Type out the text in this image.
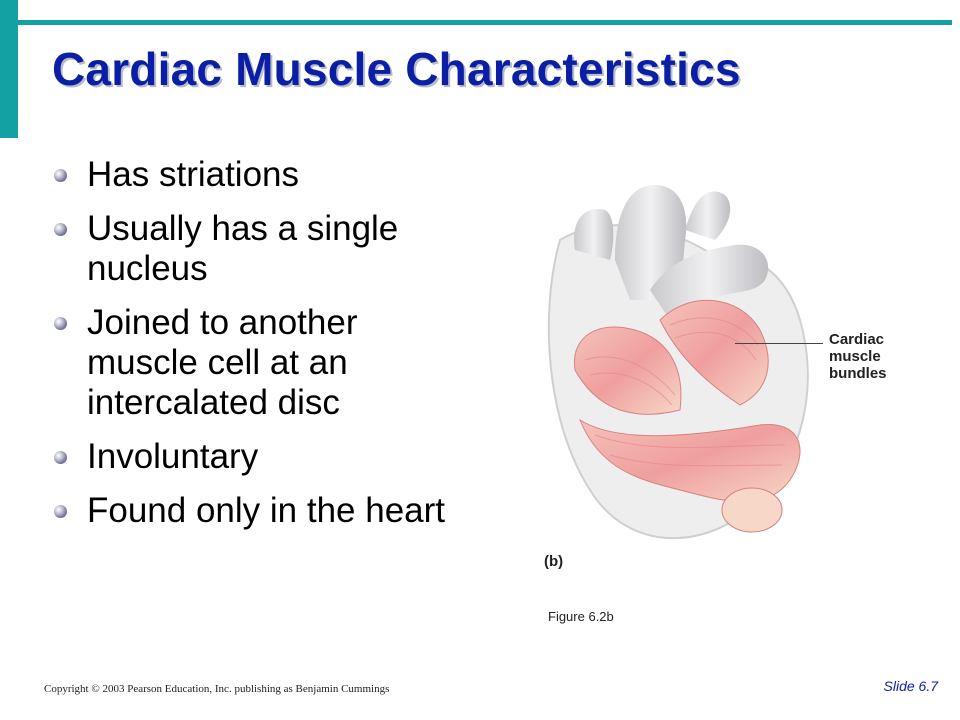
Cardiac Muscle Characteristics
Has striations
Usually has a single nucleus
Joined to another muscle cell at an intercalated disc
Involuntary
Found only in the heart
Cardiac
muscle
bundles
(b)
Figure 6.2b
Copyright © 2003 Pearson Education, Inc. publishing as Benjamin Cummings	Slide 6.7
